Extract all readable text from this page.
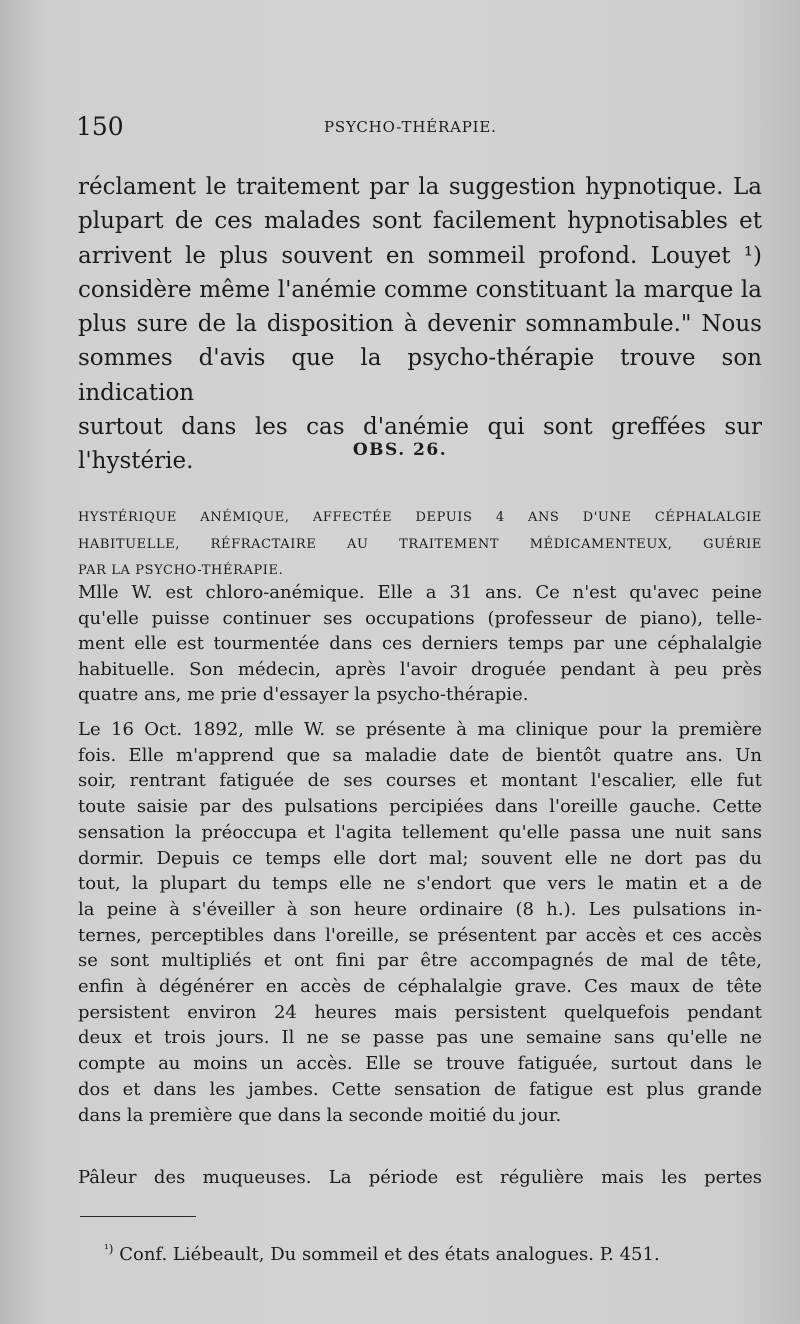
150	PSYCHO-THÉRAPIE.

réclament le traitement par la suggestion hypnotique. La

plupart de ces malades sont facilement hypnotisables et

arrivent le plus souvent en sommeil profond. Louyet ¹)

considère même l'anémie comme constituant la marque la

plus sure de la disposition à devenir somnambule." Nous

sommes d'avis que la psycho-thérapie trouve son indication

surtout dans les cas d'anémie qui sont greffées sur l'hystérie.	OBS. 26.
HYSTÉRIQUE ANÉMIQUE, AFFECTÉE DEPUIS 4 ANS D'UNE CÉPHALALGIE
HABITUELLE, RÉFRACTAIRE AU TRAITEMENT MÉDICAMENTEUX, GUÉRIE
PAR LA PSYCHO-THÉRAPIE.
Mlle W. est chloro-anémique. Elle a 31 ans. Ce n'est qu'avec peine
qu'elle puisse continuer ses occupations (professeur de piano), telle-
ment elle est tourmentée dans ces derniers temps par une céphalalgie
habituelle. Son médecin, après l'avoir droguée pendant à peu près
quatre ans, me prie d'essayer la psycho-thérapie.
Le 16 Oct. 1892, mlle W. se présente à ma clinique pour la première
fois. Elle m'apprend que sa maladie date de bientôt quatre ans. Un
soir, rentrant fatiguée de ses courses et montant l'escalier, elle fut
toute saisie par des pulsations percipiées dans l'oreille gauche. Cette
sensation la préoccupa et l'agita tellement qu'elle passa une nuit sans
dormir. Depuis ce temps elle dort mal; souvent elle ne dort pas du
tout, la plupart du temps elle ne s'endort que vers le matin et a de
la peine à s'éveiller à son heure ordinaire (8 h.). Les pulsations in-
ternes, perceptibles dans l'oreille, se présentent par accès et ces accès
se sont multipliés et ont fini par être accompagnés de mal de tête,
enfin à dégénérer en accès de céphalalgie grave. Ces maux de tête
persistent environ 24 heures mais persistent quelquefois pendant
deux et trois jours. Il ne se passe pas une semaine sans qu'elle ne
compte au moins un accès. Elle se trouve fatiguée, surtout dans le
dos et dans les jambes. Cette sensation de fatigue est plus grande
dans la première que dans la seconde moitié du jour.
Pâleur des muqueuses. La période est régulière mais les pertes
$^{^1)}$ Conf. Liébeault, Du sommeil et des états analogues. P. 451.
